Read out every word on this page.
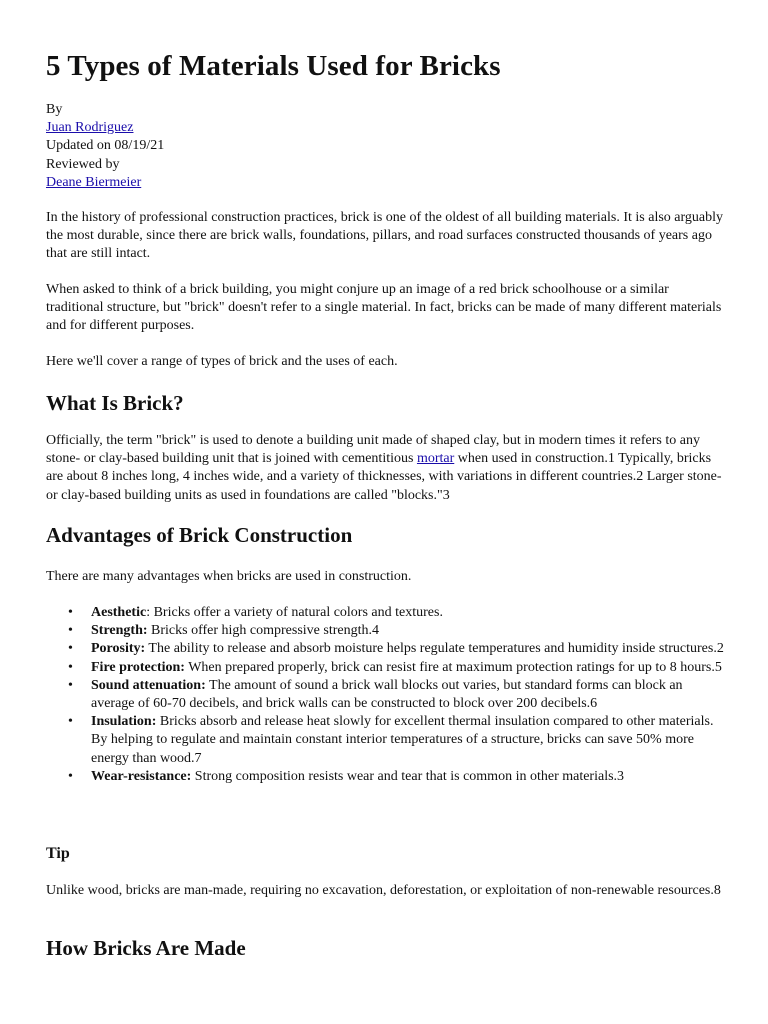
5 Types of Materials Used for Bricks
By
Juan Rodriguez
Updated on 08/19/21
Reviewed by
Deane Biermeier

In the history of professional construction practices, brick is one of the oldest of all building materials. It is also arguably the most durable, since there are brick walls, foundations, pillars, and road surfaces constructed thousands of years ago that are still intact.

When asked to think of a brick building, you might conjure up an image of a red brick schoolhouse or a similar traditional structure, but "brick" doesn't refer to a single material. In fact, bricks can be made of many different materials and for different purposes.

Here we'll cover a range of types of brick and the uses of each.

What Is Brick?

Officially, the term "brick" is used to denote a building unit made of shaped clay, but in modern times it refers to any stone- or clay-based building unit that is joined with cementitious mortar when used in construction.1 Typically, bricks are about 8 inches long, 4 inches wide, and a variety of thicknesses, with variations in different countries.2 Larger stone- or clay-based building units as used in foundations are called "blocks."3

Advantages of Brick Construction

There are many advantages when bricks are used in construction.

• Aesthetic: Bricks offer a variety of natural colors and textures.
• Strength: Bricks offer high compressive strength.4
• Porosity: The ability to release and absorb moisture helps regulate temperatures and humidity inside structures.2
• Fire protection: When prepared properly, brick can resist fire at maximum protection ratings for up to 8 hours.5
• Sound attenuation: The amount of sound a brick wall blocks out varies, but standard forms can block an average of 60-70 decibels, and brick walls can be constructed to block over 200 decibels.6
• Insulation: Bricks absorb and release heat slowly for excellent thermal insulation compared to other materials. By helping to regulate and maintain constant interior temperatures of a structure, bricks can save 50% more energy than wood.7
• Wear-resistance: Strong composition resists wear and tear that is common in other materials.3
Tip

Unlike wood, bricks are man-made, requiring no excavation, deforestation, or exploitation of non-renewable resources.8

How Bricks Are Made
